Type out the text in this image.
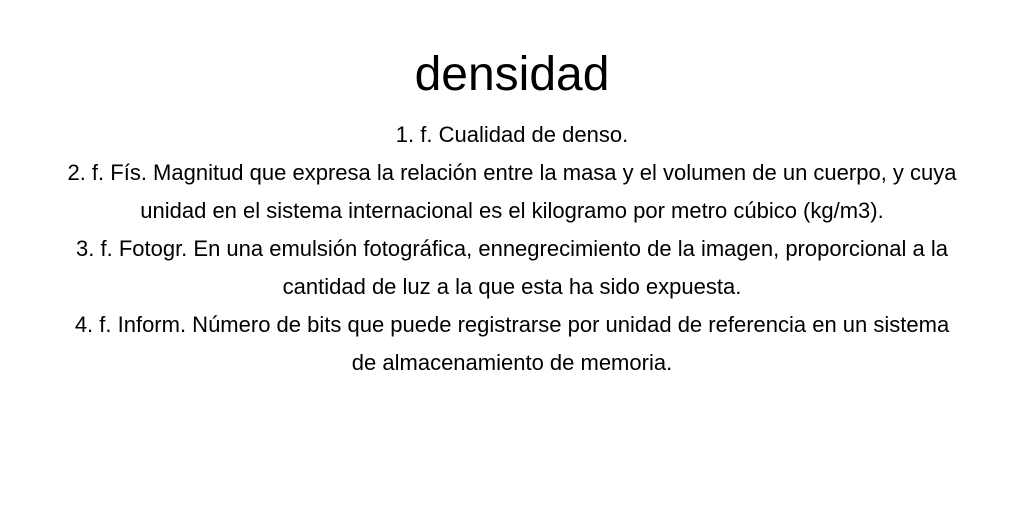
densidad
1. f. Cualidad de denso.
2. f. Fís. Magnitud que expresa la relación entre la masa y el volumen de un cuerpo, y cuya unidad en el sistema internacional es el kilogramo por metro cúbico (kg/m3).
3. f. Fotogr. En una emulsión fotográfica, ennegrecimiento de la imagen, proporcional a la cantidad de luz a la que esta ha sido expuesta.
4. f. Inform. Número de bits que puede registrarse por unidad de referencia en un sistema de almacenamiento de memoria.
